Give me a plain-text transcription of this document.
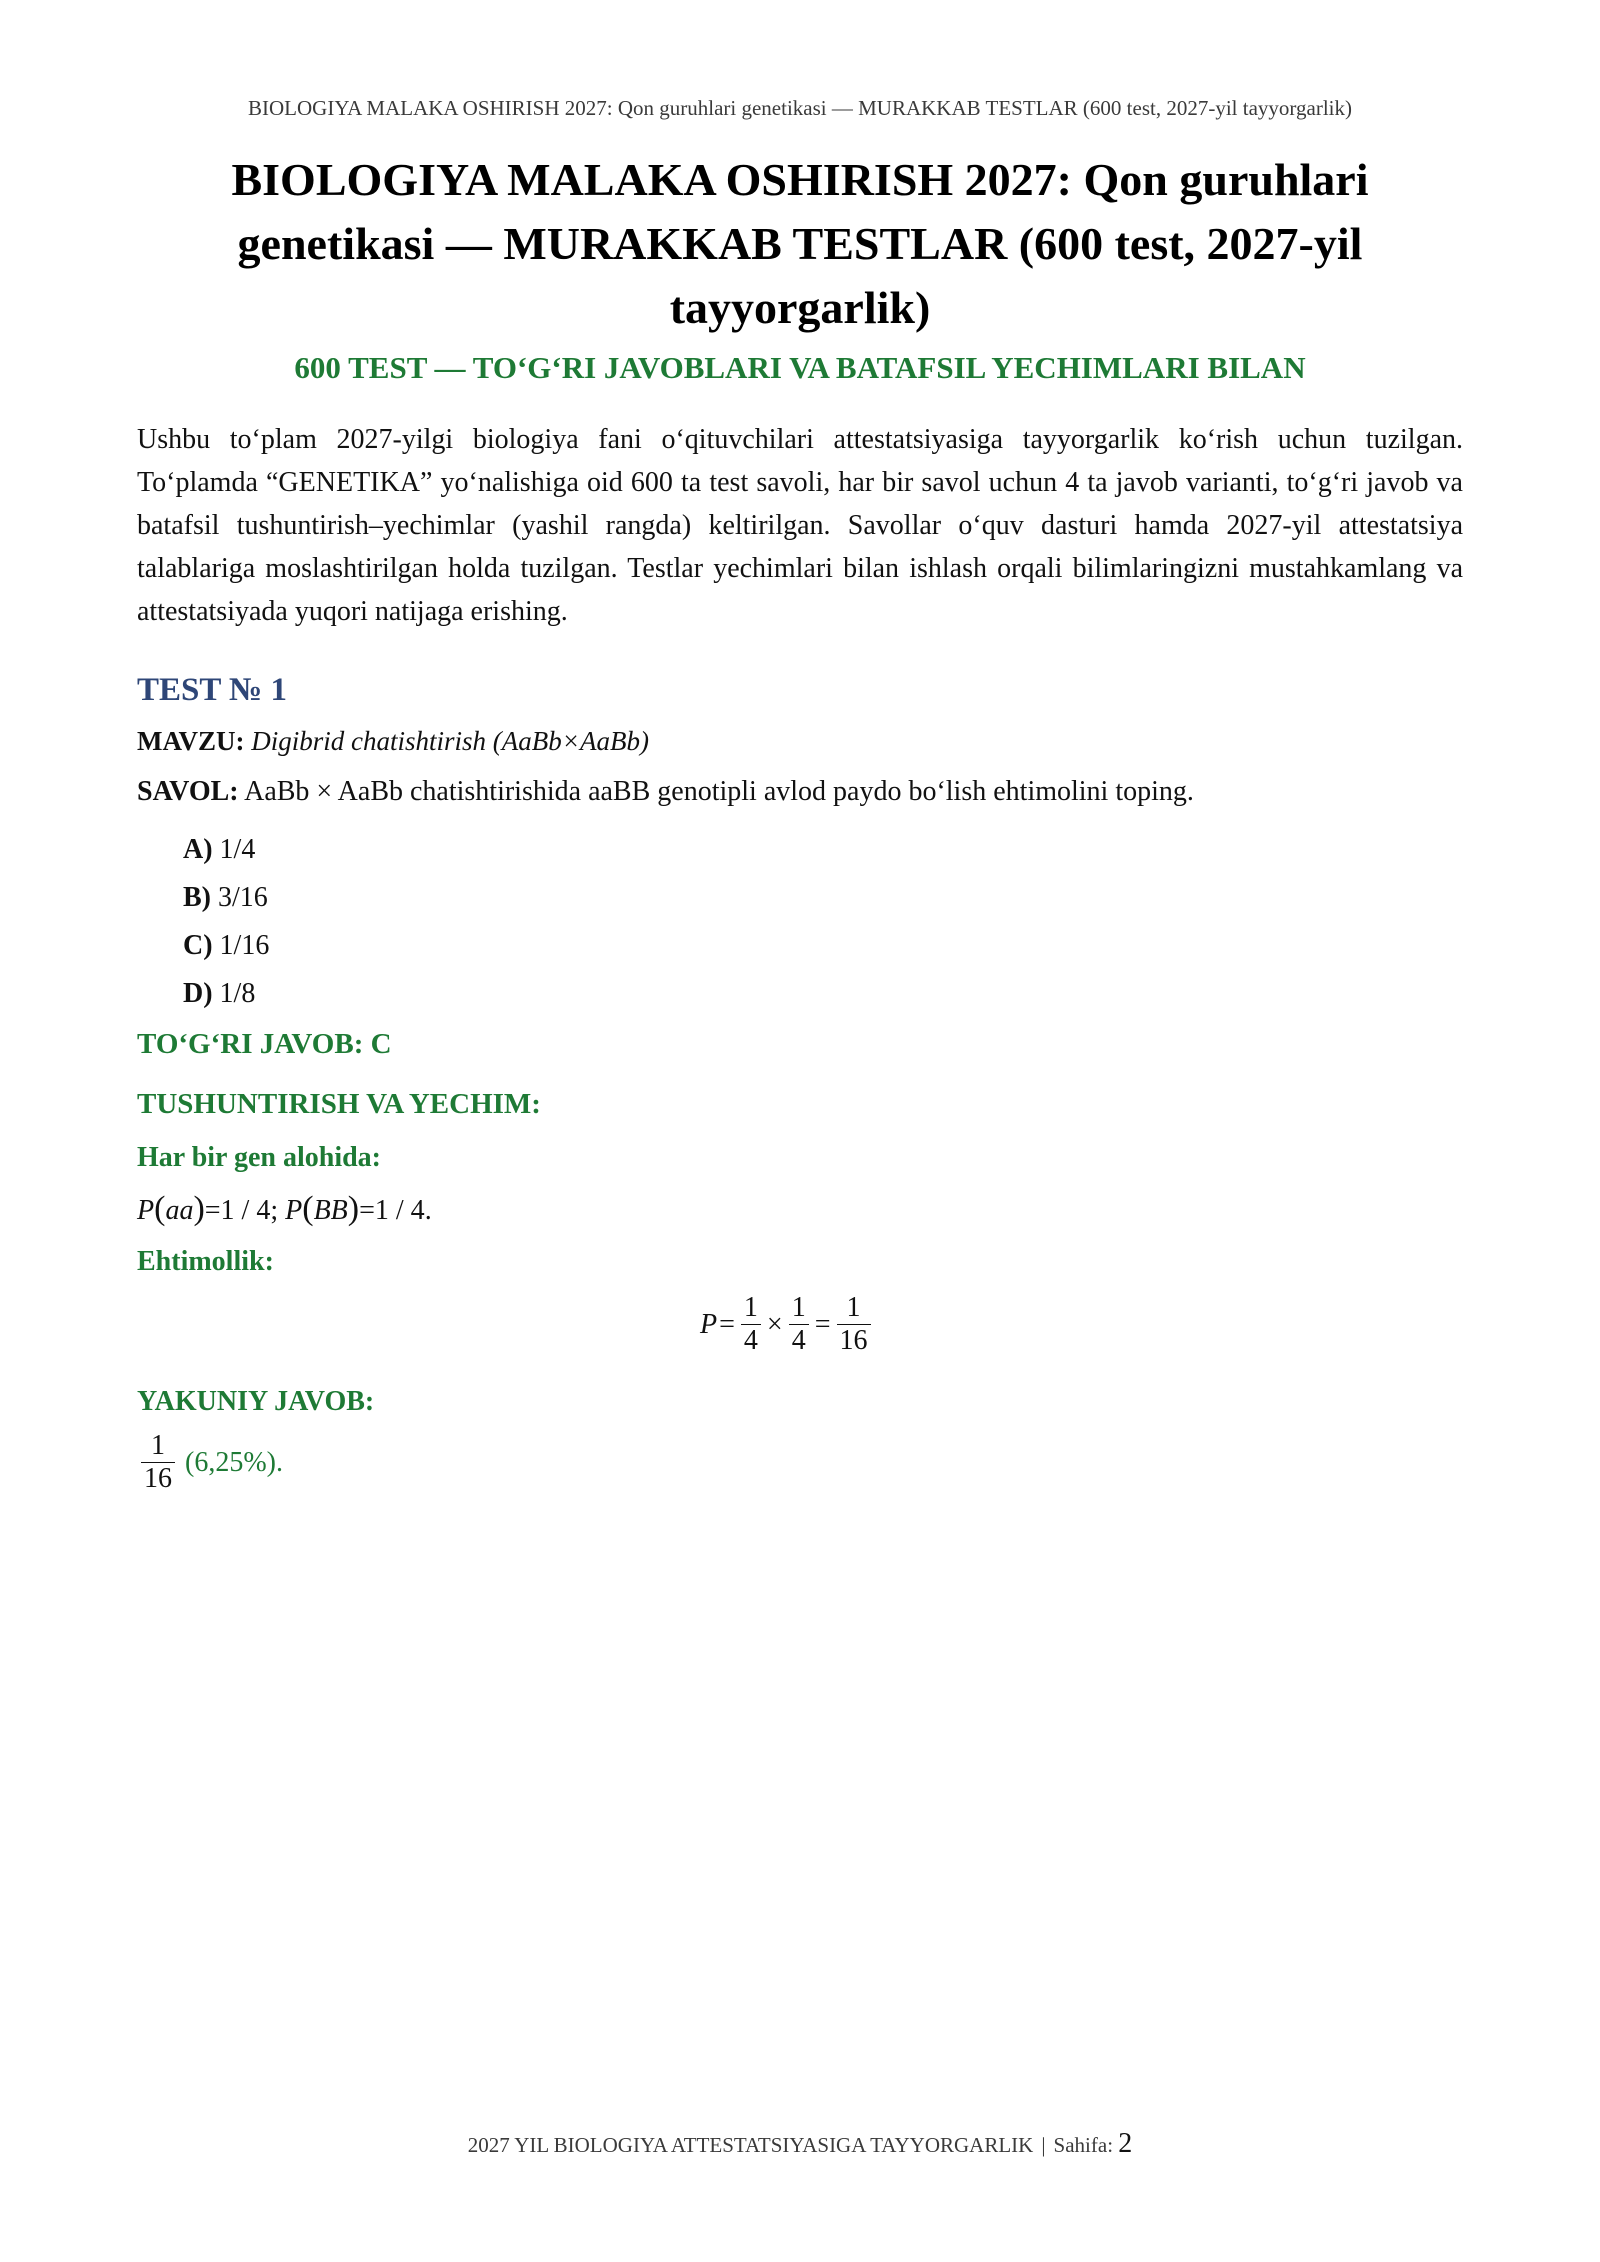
BIOLOGIYA MALAKA OSHIRISH 2027: Qon guruhlari genetikasi — MURAKKAB TESTLAR (600 test, 2027-yil tayyorgarlik)
BIOLOGIYA MALAKA OSHIRISH 2027: Qon guruhlari genetikasi — MURAKKAB TESTLAR (600 test, 2027-yil tayyorgarlik)
600 TEST — TO‘G‘RI JAVOBLARI VA BATAFSIL YECHIMLARI BILAN

Ushbu to‘plam 2027-yilgi biologiya fani o‘qituvchilari attestatsiyasiga tayyorgarlik ko‘rish uchun tuzilgan. To‘plamda “GENETIKA” yo‘nalishiga oid 600 ta test savoli, har bir savol uchun 4 ta javob varianti, to‘g‘ri javob va batafsil tushuntirish–yechimlar (yashil rangda) keltirilgan. Savollar o‘quv dasturi hamda 2027-yil attestatsiya talablariga moslashtirilgan holda tuzilgan. Testlar yechimlari bilan ishlash orqali bilimlaringizni mustahkamlang va attestatsiyada yuqori natijaga erishing.

TEST № 1
MAVZU: Digibrid chatishtirish (AaBb×AaBb)
SAVOL: AaBb × AaBb chatishtirishida aaBB genotipli avlod paydo bo‘lish ehtimolini toping.
A) 1/4
B) 3/16
C) 1/16
D) 1/8
TO‘G‘RI JAVOB: C
TUSHUNTIRISH VA YECHIM:
Har bir gen alohida:
P(aa)=1 / 4; P(BB)=1 / 4.
Ehtimollik:
$P = \frac{1}{4} \times \frac{1}{4} = \frac{1}{16}$
YAKUNIY JAVOB:
$\frac{1}{16} (6,25\%)$.
2027 YIL BIOLOGIYA ATTESTATSIYASIGA TAYYORGARLIK | Sahifa: 2
